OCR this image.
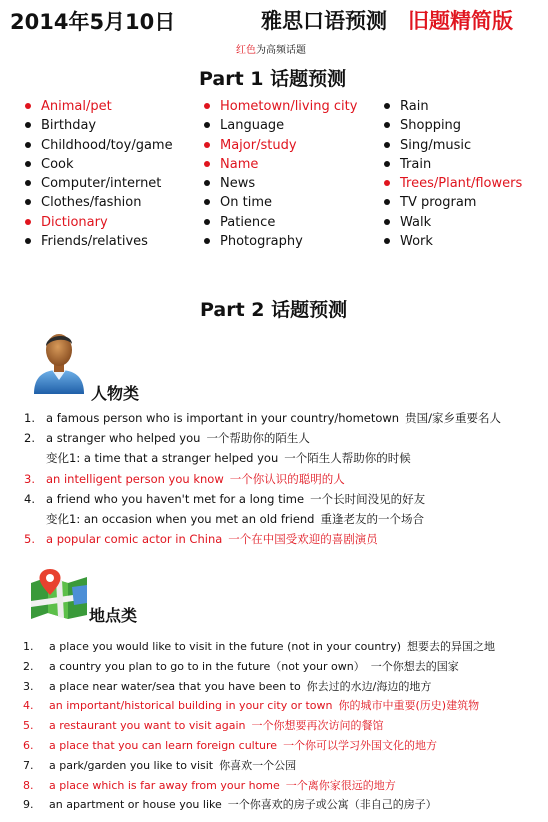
2014年5月10日	雅思口语预测 旧题精简版
红色为高频话题
Part 1 话题预测
Animal/pet
Birthday
Childhood/toy/game
Cook
Computer/internet
Clothes/fashion
Dictionary
Friends/relatives
Hometown/living city
Language
Major/study
Name
News
On time
Patience
Photography
Rain
Shopping
Sing/music
Train
Trees/Plant/flowers
TV program
Walk
Work
Part 2 话题预测
人物类
1. a famous person who is important in your country/hometown 贵国/家乡重要名人
2. a stranger who helped you 一个帮助你的陌生人
变化1: a time that a stranger helped you 一个陌生人帮助你的时候
3. an intelligent person you know 一个你认识的聪明的人
4. a friend who you haven't met for a long time 一个长时间没见的好友
变化1: an occasion when you met an old friend 重逢老友的一个场合
5. a popular comic actor in China 一个在中国受欢迎的喜剧演员
地点类
1.	a place you would like to visit in the future (not in your country) 想要去的异国之地
2.	a country you plan to go to in the future（not your own） 一个你想去的国家
3.	a place near water/sea that you have been to 你去过的水边/海边的地方
4.	an important/historical building in your city or town 你的城市中重要(历史)建筑物
5.	a restaurant you want to visit again 一个你想要再次访问的餐馆
6.	a place that you can learn foreign culture 一个你可以学习外国文化的地方
7.	a park/garden you like to visit 你喜欢一个公园
8.	a place which is far away from your home 一个离你家很远的地方
9.	an apartment or house you like 一个你喜欢的房子或公寓（非自己的房子）
